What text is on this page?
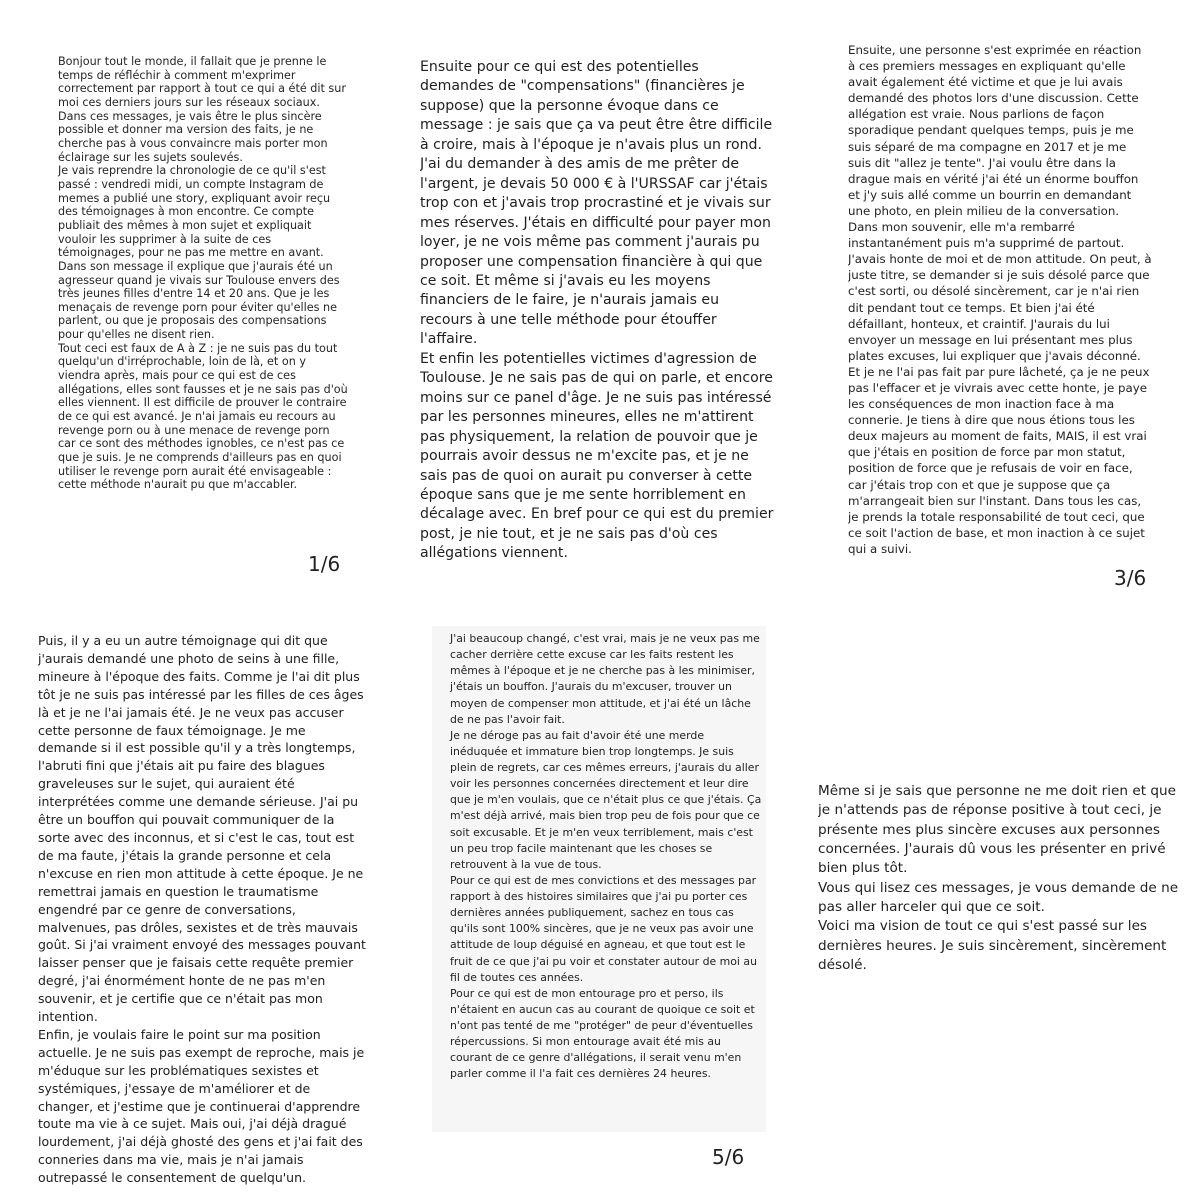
Bonjour tout le monde, il fallait que je prenne le temps de réfléchir à comment m'exprimer correctement par rapport à tout ce qui a été dit sur moi ces derniers jours sur les réseaux sociaux. Dans ces messages, je vais être le plus sincère possible et donner ma version des faits, je ne cherche pas à vous convaincre mais porter mon éclairage sur les sujets soulevés.

Je vais reprendre la chronologie de ce qu'il s'est passé : vendredi midi, un compte Instagram de memes a publié une story, expliquant avoir reçu des témoignages à mon encontre. Ce compte publiait des mêmes à mon sujet et expliquait vouloir les supprimer à la suite de ces témoignages, pour ne pas me mettre en avant.

Dans son message il explique que j'aurais été un agresseur quand je vivais sur Toulouse envers des très jeunes filles d'entre 14 et 20 ans. Que je les menaçais de revenge porn pour éviter qu'elles ne parlent, ou que je proposais des compensations pour qu'elles ne disent rien.

Tout ceci est faux de A à Z : je ne suis pas du tout quelqu'un d'irréprochable, loin de là, et on y viendra après, mais pour ce qui est de ces allégations, elles sont fausses et je ne sais pas d'où elles viennent. Il est difficile de prouver le contraire de ce qui est avancé. Je n'ai jamais eu recours au revenge porn ou à une menace de revenge porn car ce sont des méthodes ignobles, ce n'est pas ce que je suis. Je ne comprends d'ailleurs pas en quoi utiliser le revenge porn aurait été envisageable : cette méthode n'aurait pu que m'accabler.

1/6

Ensuite pour ce qui est des potentielles demandes de "compensations" (financières je suppose) que la personne évoque dans ce message : je sais que ça va peut être être difficile à croire, mais à l'époque je n'avais plus un rond. J'ai du demander à des amis de me prêter de l'argent, je devais 50 000 € à l'URSSAF car j'étais trop con et j'avais trop procrastiné et je vivais sur mes réserves. J'étais en difficulté pour payer mon loyer, je ne vois même pas comment j'aurais pu proposer une compensation financière à qui que ce soit. Et même si j'avais eu les moyens financiers de le faire, je n'aurais jamais eu recours à une telle méthode pour étouffer l'affaire.

Et enfin les potentielles victimes d'agression de Toulouse. Je ne sais pas de qui on parle, et encore moins sur ce panel d'âge. Je ne suis pas intéressé par les personnes mineures, elles ne m'attirent pas physiquement, la relation de pouvoir que je pourrais avoir dessus ne m'excite pas, et je ne sais pas de quoi on aurait pu converser à cette époque sans que je me sente horriblement en décalage avec. En bref pour ce qui est du premier post, je nie tout, et je ne sais pas d'où ces allégations viennent.

Ensuite, une personne s'est exprimée en réaction à ces premiers messages en expliquant qu'elle avait également été victime et que je lui avais demandé des photos lors d'une discussion. Cette allégation est vraie. Nous parlions de façon sporadique pendant quelques temps, puis je me suis séparé de ma compagne en 2017 et je me suis dit "allez je tente". J'ai voulu être dans la drague mais en vérité j'ai été un énorme bouffon et j'y suis allé comme un bourrin en demandant une photo, en plein milieu de la conversation.

Dans mon souvenir, elle m'a rembarré instantanément puis m'a supprimé de partout. J'avais honte de moi et de mon attitude. On peut, à juste titre, se demander si je suis désolé parce que c'est sorti, ou désolé sincèrement, car je n'ai rien dit pendant tout ce temps. Et bien j'ai été défaillant, honteux, et craintif. J'aurais du lui envoyer un message en lui présentant mes plus plates excuses, lui expliquer que j'avais déconné. Et je ne l'ai pas fait par pure lâcheté, ça je ne peux pas l'effacer et je vivrais avec cette honte, je paye les conséquences de mon inaction face à ma connerie. Je tiens à dire que nous étions tous les deux majeurs au moment de faits, MAIS, il est vrai que j'étais en position de force par mon statut, position de force que je refusais de voir en face, car j'étais trop con et que je suppose que ça m'arrangeait bien sur l'instant. Dans tous les cas, je prends la totale responsabilité de tout ceci, que ce soit l'action de base, et mon inaction à ce sujet qui a suivi.

3/6

Puis, il y a eu un autre témoignage qui dit que j'aurais demandé une photo de seins à une fille, mineure à l'époque des faits. Comme je l'ai dit plus tôt je ne suis pas intéressé par les filles de ces âges là et je ne l'ai jamais été. Je ne veux pas accuser cette personne de faux témoignage. Je me demande si il est possible qu'il y a très longtemps, l'abruti fini que j'étais ait pu faire des blagues graveleuses sur le sujet, qui auraient été interprétées comme une demande sérieuse. J'ai pu être un bouffon qui pouvait communiquer de la sorte avec des inconnus, et si c'est le cas, tout est de ma faute, j'étais la grande personne et cela n'excuse en rien mon attitude à cette époque. Je ne remettrai jamais en question le traumatisme engendré par ce genre de conversations, malvenues, pas drôles, sexistes et de très mauvais goût. Si j'ai vraiment envoyé des messages pouvant laisser penser que je faisais cette requête premier degré, j'ai énormément honte de ne pas m'en souvenir, et je certifie que ce n'était pas mon intention.

Enfin, je voulais faire le point sur ma position actuelle. Je ne suis pas exempt de reproche, mais je m'éduque sur les problématiques sexistes et systémiques, j'essaye de m'améliorer et de changer, et j'estime que je continuerai d'apprendre toute ma vie à ce sujet. Mais oui, j'ai déjà dragué lourdement, j'ai déjà ghosté des gens et j'ai fait des conneries dans ma vie, mais je n'ai jamais outrepassé le consentement de quelqu'un.

J'ai beaucoup changé, c'est vrai, mais je ne veux pas me cacher derrière cette excuse car les faits restent les mêmes à l'époque et je ne cherche pas à les minimiser, j'étais un bouffon. J'aurais du m'excuser, trouver un moyen de compenser mon attitude, et j'ai été un lâche de ne pas l'avoir fait.

Je ne déroge pas au fait d'avoir été une merde inéduquée et immature bien trop longtemps. Je suis plein de regrets, car ces mêmes erreurs, j'aurais du aller voir les personnes concernées directement et leur dire que je m'en voulais, que ce n'était plus ce que j'étais. Ça m'est déjà arrivé, mais bien trop peu de fois pour que ce soit excusable. Et je m'en veux terriblement, mais c'est un peu trop facile maintenant que les choses se retrouvent à la vue de tous.

Pour ce qui est de mes convictions et des messages par rapport à des histoires similaires que j'ai pu porter ces dernières années publiquement, sachez en tous cas qu'ils sont 100% sincères, que je ne veux pas avoir une attitude de loup déguisé en agneau, et que tout est le fruit de ce que j'ai pu voir et constater autour de moi au fil de toutes ces années.

Pour ce qui est de mon entourage pro et perso, ils n'étaient en aucun cas au courant de quoique ce soit et n'ont pas tenté de me "protéger" de peur d'éventuelles répercussions. Si mon entourage avait été mis au courant de ce genre d'allégations, il serait venu m'en parler comme il l'a fait ces dernières 24 heures.

5/6

Même si je sais que personne ne me doit rien et que je n'attends pas de réponse positive à tout ceci, je présente mes plus sincère excuses aux personnes concernées. J'aurais dû vous les présenter en privé bien plus tôt.

Vous qui lisez ces messages, je vous demande de ne pas aller harceler qui que ce soit.

Voici ma vision de tout ce qui s'est passé sur les dernières heures. Je suis sincèrement, sincèrement désolé.
